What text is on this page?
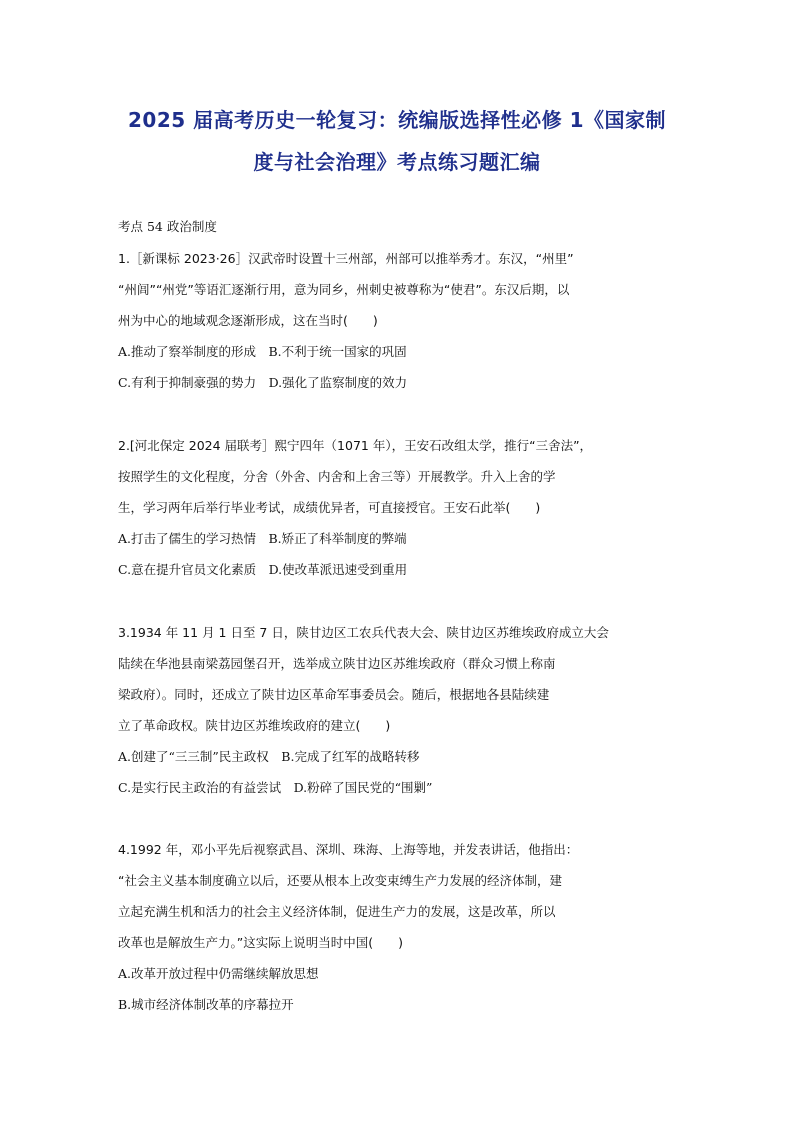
2025 届高考历史一轮复习：统编版选择性必修 1《国家制
度与社会治理》考点练习题汇编
考点 54 政治制度
1.［新课标 2023·26］汉武帝时设置十三州部，州部可以推举秀才。东汉，“州里”
“州闾”“州党”等语汇逐渐行用，意为同乡，州刺史被尊称为“使君”。东汉后期，以
州为中心的地域观念逐渐形成，这在当时(　　)
A.推动了察举制度的形成　B.不利于统一国家的巩固
C.有利于抑制豪强的势力　D.强化了监察制度的效力
2.[河北保定 2024 届联考］熙宁四年（1071 年），王安石改组太学，推行“三舍法”，
按照学生的文化程度，分舍（外舍、内舍和上舍三等）开展教学。升入上舍的学
生，学习两年后举行毕业考试，成绩优异者，可直接授官。王安石此举(　　)
A.打击了儒生的学习热情　B.矫正了科举制度的弊端
C.意在提升官员文化素质　D.使改革派迅速受到重用
3.1934 年 11 月 1 日至 7 日，陕甘边区工农兵代表大会、陕甘边区苏维埃政府成立大会
陆续在华池县南梁荔园堡召开，选举成立陕甘边区苏维埃政府（群众习惯上称南
梁政府）。同时，还成立了陕甘边区革命军事委员会。随后，根据地各县陆续建
立了革命政权。陕甘边区苏维埃政府的建立(　　)
A.创建了“三三制”民主政权　B.完成了红军的战略转移
C.是实行民主政治的有益尝试　D.粉碎了国民党的“围剿”
4.1992 年，邓小平先后视察武昌、深圳、珠海、上海等地，并发表讲话，他指出：
“社会主义基本制度确立以后，还要从根本上改变束缚生产力发展的经济体制，建
立起充满生机和活力的社会主义经济体制，促进生产力的发展，这是改革，所以
改革也是解放生产力。”这实际上说明当时中国(　　)
A.改革开放过程中仍需继续解放思想
B.城市经济体制改革的序幕拉开
